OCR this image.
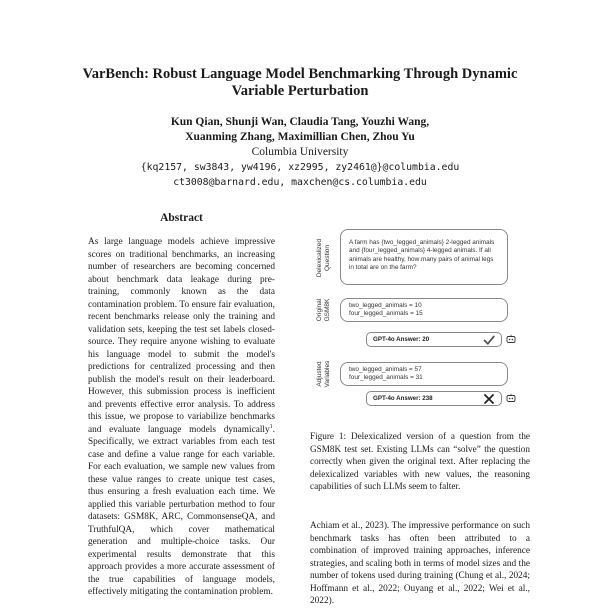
VarBench: Robust Language Model Benchmarking Through Dynamic
Variable Perturbation
Kun Qian, Shunji Wan, Claudia Tang, Youzhi Wang,
Xuanming Zhang, Maximillian Chen, Zhou Yu
Columbia University
{kq2157, sw3843, yw4196, xz2995, zy2461@}@columbia.edu
ct3008@barnard.edu, maxchen@cs.columbia.edu
Abstract
As large language models achieve impressive scores on traditional benchmarks, an increasing number of researchers are becoming concerned about benchmark data leakage during pre-training, commonly known as the data contamination problem. To ensure fair evaluation, recent benchmarks release only the training and validation sets, keeping the test set labels closed-source. They require anyone wishing to evaluate his language model to submit the model's predictions for centralized processing and then publish the model's result on their leaderboard. However, this submission process is inefficient and prevents effective error analysis. To address this issue, we propose to variabilize benchmarks and evaluate language models dynamically$^1$. Specifically, we extract variables from each test case and define a value range for each variable. For each evaluation, we sample new values from these value ranges to create unique test cases, thus ensuring a fresh evaluation each time. We applied this variable perturbation method to four datasets: GSM8K, ARC, CommonsenseQA, and TruthfulQA, which cover mathematical generation and multiple-choice tasks. Our experimental results demonstrate that this approach provides a more accurate assessment of the true capabilities of language models, effectively mitigating the contamination problem.
Delexicalized Question
A farm has {two_legged_animals} 2-legged animals and {four_legged_animals} 4-legged animals. If all animals are healthy, how many pairs of animal legs in total are on the farm?
Original GSM8K	two_legged_animals = 10
four_legged_animals = 15
GPT-4o Answer: 20
Adjusted Variables	two_legged_animals = 57
four_legged_animals = 31
GPT-4o Answer: 238
Figure 1: Delexicalized version of a question from the GSM8K test set. Existing LLMs can “solve” the question correctly when given the original text. After replacing the delexicalized variables with new values, the reasoning capabilities of such LLMs seem to falter.
Achiam et al., 2023). The impressive performance on such benchmark tasks has often been attributed to a combination of improved training approaches, inference strategies, and scaling both in terms of model sizes and the number of tokens used during training (Chung et al., 2024; Hoffmann et al., 2022; Ouyang et al., 2022; Wei et al., 2022).
